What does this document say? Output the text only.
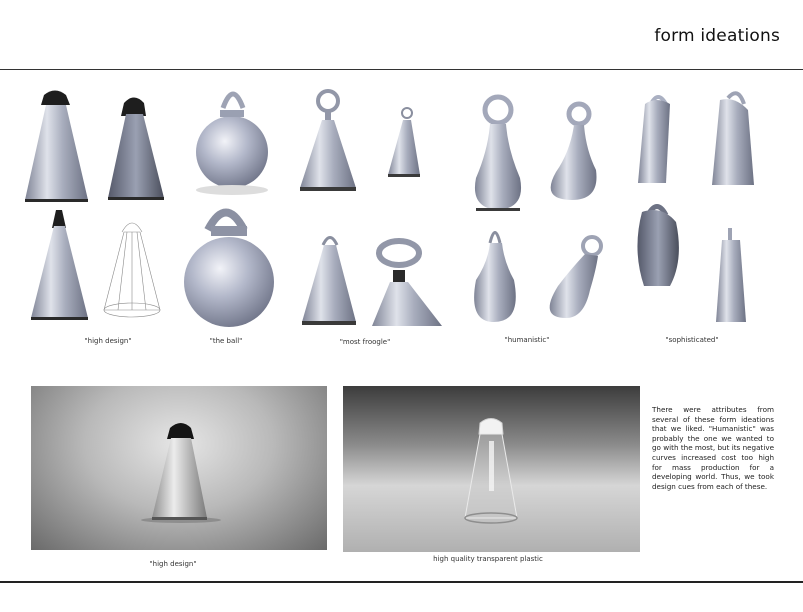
form ideations
"high design"	"the ball"	"most froogle"	"humanistic"	"sophisticated"
"high design"
high quality transparent plastic
There were attributes from several of these form ideations that we liked. "Humanistic" was probably the one we wanted to go with the most, but its negative curves increased cost too high for mass production for a developing world. Thus, we took design cues from each of these.
